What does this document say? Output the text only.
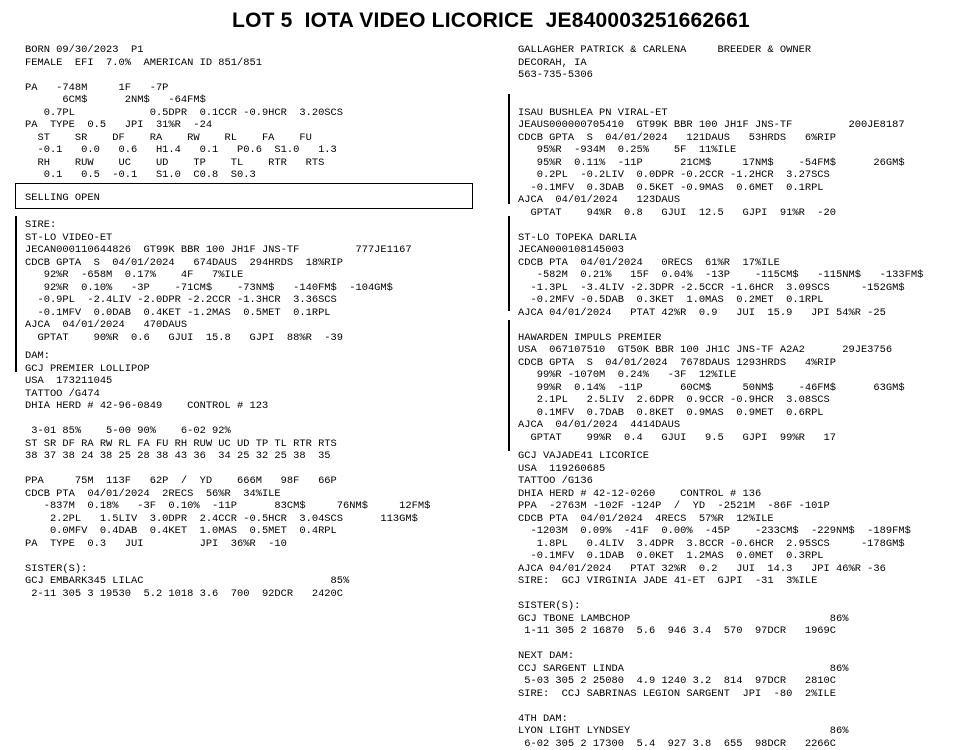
LOT 5  IOTA VIDEO LICORICE  JE840003251662661
SELLING OPEN
BORN 09/30/2023  P1
FEMALE  EFI  7.0%  AMERICAN ID 851/851
PA   -748M     1F   -7P
6CM$      2NM$   -64FM$
0.7PL            0.5DPR  0.1CCR -0.9HCR  3.20SCS
PA  TYPE  0.5   JPI  31%R  -24
ST    SR    DF    RA    RW    RL    FA    FU
-0.1   0.0   0.6   H1.4   0.1   P0.6  S1.0   1.3
RH    RUW    UC    UD    TP    TL    RTR   RTS
0.1   0.5  -0.1   S1.0  C0.8  S0.3
SIRE:
ST-LO VIDEO-ET
JECAN000110644826  GT99K BBR 100 JH1F JNS-TF         777JE1167
CDCB GPTA  S  04/01/2024   674DAUS  294HRDS  18%RIP
92%R  -658M  0.17%    4F   7%ILE
92%R  0.10%   -3P    -71CM$    -73NM$   -140FM$  -104GM$
-0.9PL  -2.4LIV -2.0DPR -2.2CCR -1.3HCR  3.36SCS
-0.1MFV  0.0DAB  0.4KET -1.2MAS  0.5MET  0.1RPL
AJCA  04/01/2024   470DAUS
GPTAT    90%R  0.6   GJUI  15.8   GJPI  88%R  -39
DAM:
GCJ PREMIER LOLLIPOP
USA  173211045
TATTOO /G474
DHIA HERD # 42-96-0849    CONTROL # 123
3-01 85%    5-00 90%    6-02 92%
ST SR DF RA RW RL FA FU RH RUW UC UD TP TL RTR RTS
38 37 38 24 38 25 28 38 43 36  34 25 32 25 38  35
PPA     75M  113F   62P  /  YD    666M   98F   66P
CDCB PTA  04/01/2024  2RECS  56%R  34%ILE
-837M  0.18%   -3F  0.10%  -11P      83CM$     76NM$     12FM$
2.2PL   1.5LIV  3.0DPR  2.4CCR -0.5HCR  3.04SCS      113GM$
0.0MFV  0.4DAB  0.4KET  1.0MAS  0.5MET  0.4RPL
PA  TYPE  0.3   JUI         JPI  36%R  -10
SISTER(S):
GCJ EMBARK345 LILAC                              85%
2-11 305 3 19530  5.2 1018 3.6  700  92DCR   2420C
GALLAGHER PATRICK & CARLENA     BREEDER & OWNER
DECORAH, IA
563-735-5306
ISAU BUSHLEA PN VIRAL-ET
JEAUS000000705410  GT99K BBR 100 JH1F JNS-TF         200JE8187
CDCB GPTA  S  04/01/2024   121DAUS   53HRDS   6%RIP
95%R  -934M  0.25%    5F  11%ILE
95%R  0.11%  -11P      21CM$     17NM$    -54FM$      26GM$
0.2PL  -0.2LIV  0.0DPR -0.2CCR -1.2HCR  3.27SCS
-0.1MFV  0.3DAB  0.5KET -0.9MAS  0.6MET  0.1RPL
AJCA  04/01/2024   123DAUS
GPTAT    94%R  0.8   GJUI  12.5   GJPI  91%R  -20
ST-LO TOPEKA DARLIA
JECAN000108145003
CDCB PTA  04/01/2024   0RECS  61%R  17%ILE
-582M  0.21%   15F  0.04%  -13P    -115CM$   -115NM$   -133FM$
-1.3PL  -3.4LIV -2.3DPR -2.5CCR -1.6HCR  3.09SCS     -152GM$
-0.2MFV -0.5DAB  0.3KET  1.0MAS  0.2MET  0.1RPL
AJCA 04/01/2024   PTAT 42%R  0.9   JUI  15.9   JPI 54%R -25
HAWARDEN IMPULS PREMIER
USA  067107510  GT50K BBR 100 JH1C JNS-TF A2A2      29JE3756
CDCB GPTA  S  04/01/2024  7678DAUS 1293HRDS   4%RIP
99%R -1070M  0.24%   -3F  12%ILE
99%R  0.14%  -11P      60CM$     50NM$    -46FM$      63GM$
2.1PL   2.5LIV  2.6DPR  0.9CCR -0.9HCR  3.08SCS
0.1MFV  0.7DAB  0.8KET  0.9MAS  0.9MET  0.6RPL
AJCA  04/01/2024  4414DAUS
GPTAT    99%R  0.4   GJUI   9.5   GJPI  99%R   17
GCJ VAJADE41 LICORICE
USA  119260685
TATTOO /G136
DHIA HERD # 42-12-0260    CONTROL # 136
PPA  -2763M -102F -124P  /  YD  -2521M  -86F -101P
CDCB PTA  04/01/2024  4RECS  57%R  12%ILE
-1203M  0.09%  -41F  0.00%  -45P    -233CM$  -229NM$  -189FM$
1.8PL   0.4LIV  3.4DPR  3.8CCR -0.6HCR  2.95SCS     -178GM$
-0.1MFV  0.1DAB  0.0KET  1.2MAS  0.0MET  0.3RPL
AJCA 04/01/2024   PTAT 32%R  0.2   JUI  14.3   JPI 46%R -36
SIRE:  GCJ VIRGINIA JADE 41-ET  GJPI  -31  3%ILE
SISTER(S):
GCJ TBONE LAMBCHOP                                86%
1-11 305 2 16870  5.6  946 3.4  570  97DCR   1969C
NEXT DAM:
CCJ SARGENT LINDA                                 86%
5-03 305 2 25080  4.9 1240 3.2  814  97DCR   2810C
SIRE:  CCJ SABRINAS LEGION SARGENT  JPI  -80  2%ILE
4TH DAM:
LYON LIGHT LYNDSEY                                86%
6-02 305 2 17300  5.4  927 3.8  655  98DCR   2266C
